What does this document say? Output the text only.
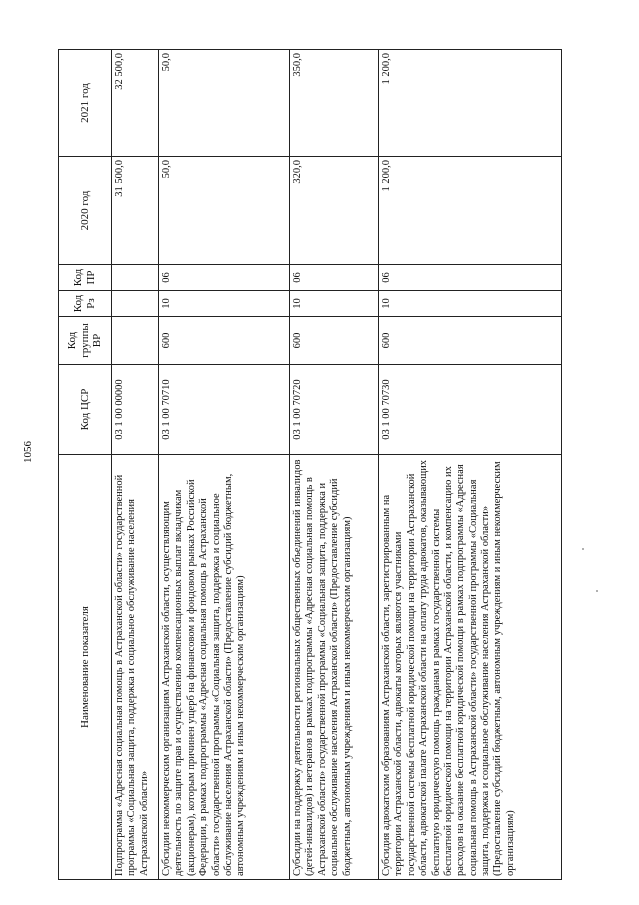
1056
Наименование показателя	Код ЦСР	Код группы ВР	Код Рз	Код ПР	2020 год	2021 год
Подпрограмма «Адресная социальная помощь в Астраханской области» государственной программы «Социальная защита, поддержка и социальное обслуживание населения Астраханской области»	03 1 00 00000				31 500,0	32 500,0
Субсидии некоммерческим организациям Астраханской области, осуществляющим деятельность по защите прав и осуществлению компенсационных выплат вкладчикам (акционерам), которым причинен ущерб на финансовом и фондовом рынках Российской Федерации, в рамках подпрограммы «Адресная социальная помощь в Астраханской области» государственной программы «Социальная защита, поддержка и социальное обслуживание населения Астраханской области» (Предоставление субсидий бюджетным, автономным учреждениям и иным некоммерческим организациям)	03 1 00 70710	600	10	06	50,0	50,0
Субсидии на поддержку деятельности региональных общественных объединений инвалидов (детей-инвалидов) и ветеранов в рамках подпрограммы «Адресная социальная помощь в Астраханской области» государственной программы «Социальная защита, поддержка и социальное обслуживание населения Астраханской области» (Предоставление субсидий бюджетным, автономным учреждениям и иным некоммерческим организациям)	03 1 00 70720	600	10	06	320,0	350,0
Субсидия адвокатским образованиям Астраханской области, зарегистрированным на территории Астраханской области, адвокаты которых являются участниками государственной системы бесплатной юридической помощи на территории Астраханской области, адвокатской палате Астраханской области на оплату труда адвокатов, оказывающих бесплатную юридическую помощь гражданам в рамках государственной системы бесплатной юридической помощи на территории Астраханской области, и компенсацию их расходов на оказание бесплатной юридической помощи в рамках подпрограммы «Адресная социальная помощь в Астраханской области» государственной программы «Социальная защита, поддержка и социальное обслуживание населения Астраханской области» (Предоставление субсидий бюджетным, автономным учреждениям и иным некоммерческим организациям)	03 1 00 70730	600	10	06	1 200,0	1 200,0
